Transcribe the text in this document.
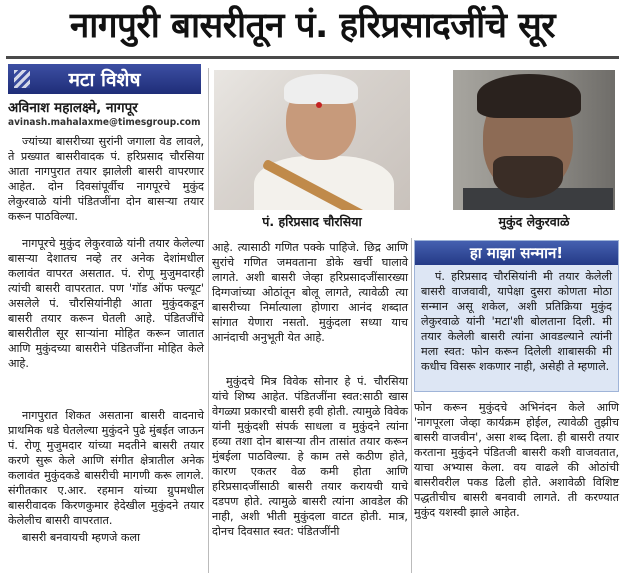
नागपुरी बासरीतून पं. हरिप्रसादजींचे सूर
मटा विशेष
अविनाश महालक्ष्मे, नागपूर
avinash.mahalaxme@timesgroup.com

ज्यांच्या बासरीच्या सुरांनी जगाला वेड लावले, ते प्रख्यात बासरीवादक पं. हरिप्रसाद चौरसिया आता नागपुरात तयार झालेली बासरी वापरणार आहेत. दोन दिवसांपूर्वीच नागपूरचे मुकुंद लेकुरवाळे यांनी पंडितजींना दोन बासऱ्या तयार करून पाठविल्या.

नागपूरचे मुकुंद लेकुरवाळे यांनी तयार केलेल्या बासऱ्या देशातच नव्हे तर अनेक देशांमधील कलावंत वापरत असतात. पं. रोणू मुजुमदारही त्यांची बासरी वापरतात. पण 'गॉड ऑफ फ्ल्यूट' असलेले पं. चौरसियांनीही आता मुकुंदकडून बासरी तयार करून घेतली आहे. पंडितजींचे बासरीतील सूर साऱ्यांना मोहित करून जातात आणि मुकुंदच्या बासरीने पंडितजींना मोहित केले आहे.

नागपुरात शिकत असताना बासरी वादनाचे प्राथमिक धडे घेतलेल्या मुकुंदने पुढे मुंबईत जाऊन पं. रोणू मुजुमदार यांच्या मदतीने बासरी तयार करणे सुरू केले आणि संगीत क्षेत्रातील अनेक कलावंत मुकुंदकडे बासरीची मागणी करू लागले. संगीतकार ए.आर. रहमान यांच्या ग्रुपमधील बासरीवादक किरणकुमार हेदेखील मुकुंदने तयार केलेलीच बासरी वापरतात.

बासरी बनवायची म्हणजे कला

पं. हरिप्रसाद चौरसिया	मुकुंद लेकुरवाळे

आहे. त्यासाठी गणित पक्के पाहिजे. छिद्र आणि सुरांचे गणित जमवताना डोके खर्ची घालावे लागते. अशी बासरी जेव्हा हरिप्रसादजींसारख्या दिग्गजांच्या ओठांतून बोलू लागते, त्यावेळी त्या बासरीच्या निर्मात्याला होणारा आनंद शब्दात सांगात येणारा नसतो. मुकुंदला सध्या याच आनंदाची अनुभूती येत आहे.

मुकुंदचे मित्र विवेक सोनार हे पं. चौरसिया यांचे शिष्य आहेत. पंडितजींना स्वत:साठी खास वेगळ्या प्रकारची बासरी हवी होती. त्यामुळे विवेक यांनी मुकुंदशी संपर्क साधला व मुकुंदने त्यांना हव्या तशा दोन बासऱ्या तीन तासांत तयार करून मुंबईला पाठविल्या. हे काम तसे कठीण होते, कारण एकतर वेळ कमी होता आणि हरिप्रसादजींसाठी बासरी तयार करायची याचे दडपण होते. त्यामुळे बासरी त्यांना आवडेल की नाही, अशी भीती मुकुंदला वाटत होती. मात्र, दोनच दिवसात स्वत: पंडितजींनी

हा माझा सन्मान!

पं. हरिप्रसाद चौरसियांनी मी तयार केलेली बासरी वाजवावी, यापेक्षा दुसरा कोणता मोठा सन्मान असू शकेल, अशी प्रतिक्रिया मुकुंद लेकुरवाळे यांनी 'मटा'शी बोलताना दिली. मी तयार केलेली बासरी त्यांना आवडल्याने त्यांनी मला स्वत: फोन करून दिलेली शाबासकी मी कधीच विसरू शकणार नाही, असेही ते म्हणाले.

फोन करून मुकुंदचे अभिनंदन केले आणि 'नागपूरला जेव्हा कार्यक्रम होईल, त्यावेळी तुझीच बासरी वाजवीन', असा शब्द दिला. ही बासरी तयार करताना मुकुंदने पंडितजी बासरी कशी वाजवतात, याचा अभ्यास केला. वय वाढले की ओठांची बासरीवरील पकड ढिली होते. अशावेळी विशिष्ट पद्धतीचीच बासरी बनवावी लागते. ती करण्यात मुकुंद यशस्वी झाले आहेत.
